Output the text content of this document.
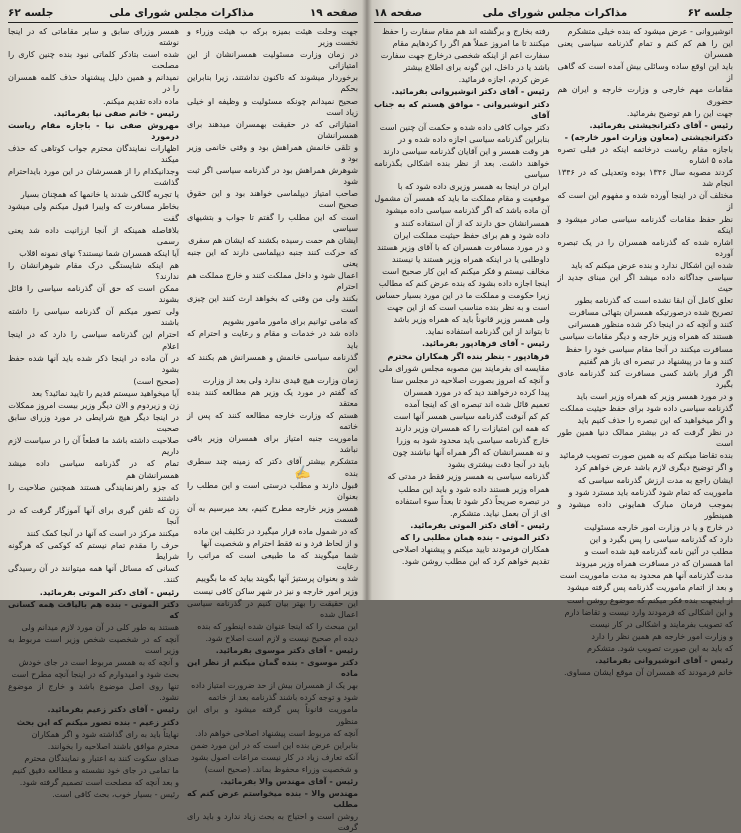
صفحه ۱۹
مذاکرات مجلس شورای ملی
جلسه ۶۲

جهت وحلت هیئت بمیزه برکه ب هیئت وزراء و نخست وزیر

در زمان وزارت مسئولیت همسرانشان از این امتیازاتی

برخوردار میشوند که تاکنون نداشتند، زیرا بنابراین بحکم

صحیح نمیدانم چونکه مسئولیت و وظیفه او خیلی زیاد است

امتیازاتی که در حقیقت بهمسران میدهند برای همسرانشان

و تلقی خانمش همراهش بود و وقتی خانمی وزیر بود و

شوهرش همراهش بود در گذرنامه سیاسی اگر ثبت شود

صاحب امتیاز دیپلماسی خواهند بود و این حقوق صحیح است

است که این مطلب را گفتم تا جواب و بتشیهای سیاسی

ایشان هم حمت رسیده بکشند که ایشان هم سفری

که حرکت کنند جنبه دیپلماسی دارند که این جنبه یعنی

اعمال شود و داخل مملکت کنند و خارج مملکت هم احترام

بکنند ولی من وقتی که بخواهد ارث کنند این چیزی است

که مامی توانیم برای مامور مامور بشویم

داده شد در خدمات و مقام و رعایت و احترام که باید

گذرنامه سیاسی خانمش و همسرانش هم بکنند که این

زمان وزارت هیچ قیدی ندارد ولی بعد از وزارت

که گفتم در مورد یک وزیر هم مطالعه کنند بنده معتقد

هستم که وزارت خارجه مطالعه کنند که پس از خاتمه

ماموریت جنبه امتیاز برای همسران وزیر باقی نباشد

متشکرم بیشتر آقای دکتر که زمینه چند سطری بنده

قبول دارند و مطلب درستی است و این مطلب را بعنوان

همسر وزیر خارجه مطرح کنیم، بعد میرسیم به آن قسمت

که در شمول ماده قرار میگیرد در تکلیف این ماده

و از لحاظ فرد و نه فقط احترام و شخصیت آنها

شما میگویند که ما طبیعی است که مراتب را رعایت

شد و بعنوان پرستیژ آنها بگویند بیاید که ما بگوییم

وزیر امور خارجه و نیز در شهر ساکن کافی نیست

این حقیقت را بهتر بیان کنیم در گذرنامه سیاسی اعمال شده

این مبحث را که اینجا عنوان شده اینطور که بنده

دیده ام صحیح نیست و لازم است اصلاح شود.

رئیس - آقای دکتر موسوی بفرمائید.

دکتر موسوی - بنده گمان میکنم از نظر این ماده

بهر یک از همسران بیش از حد ضرورت امتیاز داده

شود و توجه کرده باشند گذرنامه بعد از خاتمه

ماموریت قانوناً پس گرفته میشود و برای این منظور

آنچه که مربوط است پیشنهاد اصلاحی خواهم داد.

بنابراین عرض بنده این است که در این مورد ضمن

آنکه تعارف زیاد در کار نیست مراعات اصول بشود

و شخصیت وزراء محفوظ بماند. (صحیح است)

رئیس - آقای مهندس والا بفرمائید.

مهندس والا - بنده میخواستم عرض کنم که مطلب

روشن است و احتیاج به بحث زیاد ندارد و باید رای گرفت

همسر وزرای سابق و سایر مقاماتی که در اینجا نوشته

شده است بتادکر کلماتی نبود بنده چنین کاری را مصلحت

نمیدانم و همین دلیل پیشنهاد حذف کلمه همسران را در

ماده داده تقدیم میکنم.

رئیس - خانم صفی نیا بفرمائید.

مهروش صفی نیا - باجازه مقام ریاست درمورد

اظهارات نمایندگان محترم جواب کوتاهی که حذف میکند

وجدانیکدام را از همسرشان در این مورد بایداحترام گذاشت

یا تجربه گالکی شدند یا خانمها که همچنان بسیار

بخاطر مسافرت که وایبرا قبول میکنم ولی میشود گفت

بلافاصله همینکه از آنجا ارزانیت داده شد یعنی رسمی

آیا اینکه همسران شما نیستند؟ نهای نمونه اقلاب

هم اینکه شایستگی درک مقام شوهرانشان را ندارند؟

ممکن است که حق آن گذرنامه سیاسی را قائل بشوند

ولی تصور میکنم آن گذرنامه سیاسی را داشته باشند

احترام این گذرنامه سیاسی را دارد که در اینجا اعلام

در آن ماده در اینجا ذکر شده باید آنها شده حفظ بشود

(صحیح است)

آیا میخواهید سیستم قدیم را تایید نمائید؟ بعد

زن و زیردوم و الان دیگر وزیر بیست امروز ممکلات

در اینجا دیگر هیچ شرایطی در مورد وزرای سابق صحبت

صلاحیت داشته باشد ما قطعاً آن را در سیاست لازم داریم

تمام که در گذرنامه سیاسی داده میشد همسرانشان هم

که جزو راهرنمایندگی هستند همچنین صلاحیت را داشتند

زن که تلفن گیری برای آنها آموزگار گرفت که در آنجا

میکنند مرکز در است که آنها در آنجا کمک کنند

حرف را مقدم تمام نیستم که کوکمی که هرگونه شرایط

کسانی که مسائل آنها همه میتوانند در آن رسیدگی کنند.

رئیس - آقای دکتر الموتی بفرمائید.

دکتر الموتی - بنده هم بالیاقت همه کسانی که

هستند به طور کلی در آن مورد لازم میدانم ولی

آنچه که در شخصیت شخص وزیر است مربوط به وزیر است

و آنچه که به همسر مربوط است در جای خودش

بحث شود و امیدوارم که در اینجا آنچه مطرح است

تنها روی اصل موضوع باشد و خارج از موضوع نشود.

رئیس - آقای دکتر زعیم بفرمائید.

دکتر زعیم - بنده تصور میکنم که این بحث

نهایتاً باید به رای گذاشته شود و اگر همکاران

محترم موافق باشند اصلاحیه را بخوانند.

صدای سکوت کنند به اعتبار و نمایندگان محترم

ما تمامی در جای خود نشسته و مطالعه دقیق کنیم

و بعد آنچه که مصلحت است تصمیم گرفته شود.

رئیس - بسیار خوب، بحث کافی است.

✍
جلسه ۶۲
مذاکرات مجلس شورای ملی
صفحه ۱۸

انوشیروانی - عرض میشود که بنده خیلی متشکرم

این را هم کم کنم و تمام گذرنامه سیاسی یعنی همسران

باید این اوقع ساده وسائلی بیش آمده است که گاهی از

مقامات مهم خارجی و وزارت خارجه و ایران هم حضوری

جهت این را هم توضیح بفرمائید.

رئیس - آقای دکترانجیشتی بفرمائید.

دکترانجیشتی (معاون وزارت امور خارجه) -

باجازه مقام ریاست درخاتمه اینکه در قبلی تصره ماده ۵ اشاره

کردند مصوبه سال ۱۳۴۶ بوده وتعدیلی که در ۱۳۴۶ انجام شد

مختلف آن در اینجا آورده شده و مفهوم این است که از

نظر حفظ مقامات گذرنامه سیاسی صادر میشود و اینکه

اشاره شده که گذرنامه همسران را در یک تبصره آورده

شده این اشکال ندارد و بنده عرض میکنم که باید

سیاسی جداگانه داده میشد اگر این مبنای جدید از حیث

تعلق کامل آن ابقا نشده است که گذرنامه بطور

تصریح شده درصورتیکه همسران بتهائی مسافرت

کنند و آنچه که در اینجا ذکر شده منظور همسرانی

هستند که همراه وزیر خارجه و دیگر مقامات سیاسی

مسافرت میکنند در آنجا مقام سیاسی خود را حفظ

کنند و ما در پیشنهاد در تبصره ای باز هم گفتیم

اگر قرار باشد کسی مسافرت کند گذرنامه عادی بگیرد

و در مورد همسر وزیر که همراه وزیر است باید

گذرنامه سیاسی داده شود برای حفظ حیثیت مملکت

و اگر میخواهید که این تبصره را حذف کنیم باید

در نظر گرفت که در بیشتر ممالک دنیا همین طور است

بنده تقاضا میکنم که به همین صورت تصویب فرمائید

و اگر توضیح دیگری لازم باشد عرض خواهم کرد

ایشان راجع به مدت ارزش گذرنامه سیاسی که

ماموریت که تمام شود گذرنامه باید مسترد شود و

بموجب فرمان مبارک همایونی داده میشود و همینطور

در خارج و یا در وزارت امور خارجه مسئولیت

دارد که گذرنامه سیاسی را پس بگیرد و این

مطلب در آئین نامه گذرنامه قید شده است و

اما همسران که در مسافرت همراه وزیر میروند

مدت گذرنامه آنها هم محدود به مدت ماموریت است

و بعد از اتمام ماموریت گذرنامه پس گرفته میشود

از اینجهت بنده فکر میکنم که موضوع روشن است

و این اشکالی که فرمودند وارد نیست و تقاضا دارم

که تصویب بفرمایند و اشکالی در کار نیست

و وزارت امور خارجه هم همین نظر را دارد

که باید به این صورت تصویب شود. متشکرم

رئیس - آقای انوشیروانی بفرمائید.

خانم فرمودند که همسران آن موقع ایشان مساوی.

رفته بخارج و برگشته اند هم مقام سفارت را حفظ

میکنند تا ما امروز عملاً هم اگر را کردهایم مقام

سفارت اعم از اینکه شخصی درخارج جهت سفارت

باشد یا در داخل، این گونه برای اطلاع بیشتر

عرض کردم، اجازه فرمائید.

رئیس - آقای دکتر انوشیروانی بفرمائید.

دکتر انوشیروانی - موافق هستم که به جناب آقای

دکتر جواب کافی داده شده و حکمت آن چنین است

بنابراین گذرنامه سیاسی اجازه داده شده و در

هر وقت همسر و این آقایان گذرنامه سیاسی دارند

خواهند داشت. بعد از نظر بنده اشکالی بگذرنامه سیاسی

ایران در اینجا به همسر وزیری داده شود که با

موقعیت و مقام مملکت ما باید که همسر آن مشمول

آن ماده باشد که اگر گذرنامه سیاسی داده میشود

همسرانشان حق دارند که از آن استفاده کنند و

داده شود و هم برای حفظ حیثیت مملکت ایران

و در مورد مسافرت همسران که با آقای وزیر هستند

داوطلبی یا در اینکه همراه وزیر هستند یا نیستند

مخالف نیستم و فکر میکنم که این کار صحیح است

اینجا اجازه داده بشود که بنده عرض کنم که مطالب

زیرا حکومت و مملکت ما در این مورد بسیار حساس

است و به نظر بنده مناسب است که از این جهت

ولی همسر وزیر قانوناً باید که همراه وزیر باشد

تا بتواند از این گذرنامه استفاده نماید.

رئیس - آقای فرهادپور بفرمائید.

فرهادپور - بنظر بنده اگر همکاران محترم

مقایسه ای بفرمایند بین مصوبه مجلس شورای ملی

و آنچه که امروز بصورت اصلاحیه در مجلس سنا

پیدا کرده درخواهند دید که در مورد همسران

تعمیم قائل شده اند تبصره ای که اینجا آمده

کم کم آنوقت گذرنامه سیاسی همسر آنها است

که همه این امتیازات را که همسران وزیر دارند

خارج گذرنامه سیاسی باید محدود شود به وزرا

و نه همسرانشان که اگر همراه آنها نباشند چون

باید در آنجا دقت بیشتری بشود

گذرنامه سیاسی به همسر وزیر فقط در مدتی که

همراه وزیر هستند داده شود و باید این مطلب

در تبصره صریحاً ذکر شود تا بعداً سوء استفاده

ای از آن بعمل نیاید. متشکرم.

رئیس - آقای دکتر الموتی بفرمائید.

دکتر الموتی - بنده همان مطلبی را که

همکاران فرمودند تایید میکنم و پیشنهاد اصلاحی

تقدیم خواهم کرد که این مطلب روشن شود.
